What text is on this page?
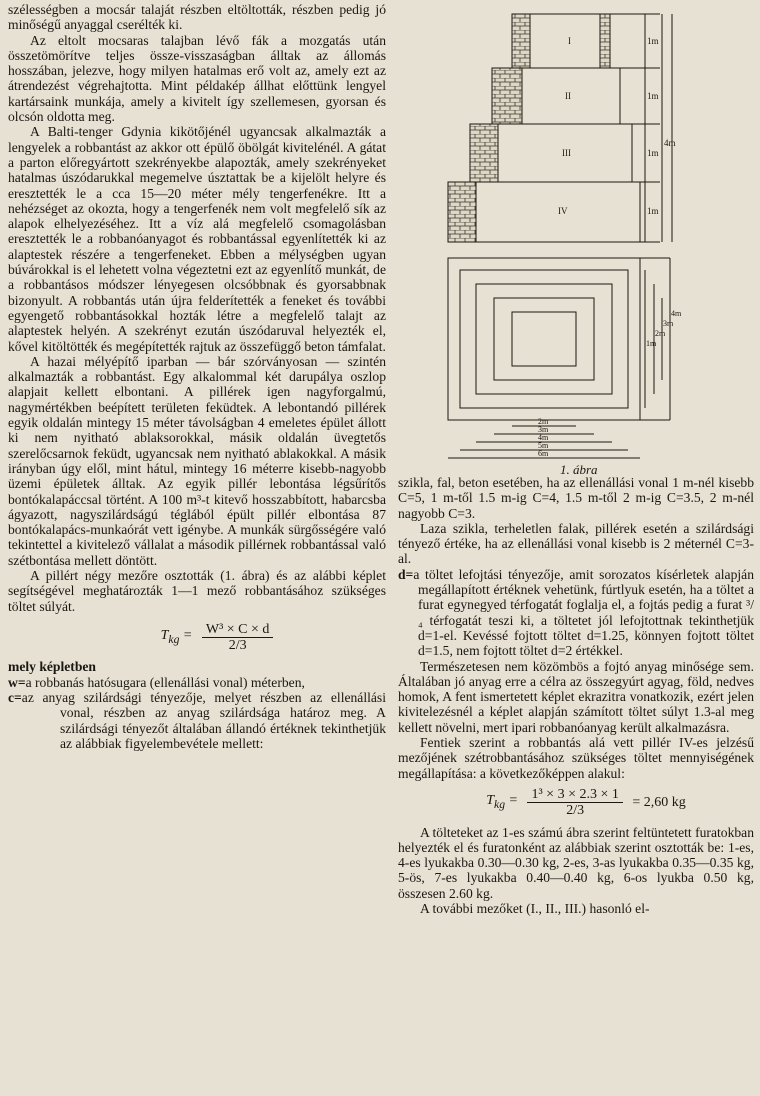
szélességben a mocsár talaját részben eltöltották, részben pedig jó minőségű anyaggal cserélték ki.

Az eltolt mocsaras talajban lévő fák a mozgatás után összetömörítve teljes össze-visszaságban álltak az állomás hosszában, jelezve, hogy milyen hatalmas erő volt az, amely ezt az átrendezést végrehajtotta. Mint példakép állhat előttünk lengyel kartársaink munkája, amely a kivitelt így szellemesen, gyorsan és olcsón oldotta meg.

A Balti-tenger Gdynia kikötőjénél ugyancsak alkalmazták a lengyelek a robbantást az akkor ott épülő öbölgát kivitelénél. A gátat a parton előregyártott szekrényekbe alapozták, amely szekrényeket hatalmas úszódarukkal megemelve úsztattak be a kijelölt helyre és eresztették le a cca 15—20 méter mély tengerfenékre. Itt a nehézséget az okozta, hogy a tengerfenék nem volt megfelelő sík az alapok elhelyezéséhez. Itt a víz alá megfelelő csomagolásban eresztették le a robbanóanyagot és robbantással egyenlítették ki az alaptestek részére a tengerfeneket. Ebben a mélységben ugyan búvárokkal is el lehetett volna végeztetni ezt az egyenlítő munkát, de a robbantásos módszer lényegesen olcsóbbnak és gyorsabbnak bizonyult. A robbantás után újra felderítették a feneket és további egyengető robbantásokkal hozták létre a megfelelő talajt az alaptestek helyén. A szekrényt ezután úszódaruval helyezték el, kővel kitöltötték és megépítették rajtuk az összefüggő beton támfalat.

A hazai mélyépítő iparban — bár szórványosan — szintén alkalmazták a robbantást. Egy alkalommal két darupálya oszlop alapjait kellett elbontani. A pillérek igen nagyforgalmú, nagymértékben beépített területen feküdtek. A lebontandó pillérek egyik oldalán mintegy 15 méter távolságban 4 emeletes épület állott ki nem nyitható ablaksorokkal, másik oldalán üvegtetős szerelőcsarnok feküdt, ugyancsak nem nyitható ablakokkal. A másik irányban úgy elől, mint hátul, mintegy 16 méterre kisebb-nagyobb üzemi épületek álltak. Az egyik pillér lebontása légsűrítős bontókalapáccsal történt. A 100 m³-t kitevő hosszabbított, habarcsba ágyazott, nagyszilárdságú téglából épült pillér elbontása 87 bontókalapács-munkaórát vett igénybe. A munkák sürgősségére való tekintettel a kivitelező vállalat a második pillérnek robbantással való szétbontása mellett döntött.

A pillért négy mezőre osztották (1. ábra) és az alábbi képlet segítségével meghatározták 1—1 mező robbantásához szükséges töltet súlyát.

$T_{kg} = \frac{\text{W³ × C × d}}{2/3}$

mely képletben

w=a robbanás hatósugara (ellenállási vonal) méterben,

c=az anyag szilárdsági tényezője, melyet részben az ellenállási vonal, részben az anyag szilárdsága határoz meg. A szilárdsági tényezőt általában állandó értéknek tekinthetjük az alábbiak figyelembevétele mellett:

I
II
III
IV
1m
1m
1m
1m
4m
1m
2m
3m
4m
2m
3m
4m
5m
6m
1. ábra

szikla, fal, beton esetében, ha az ellenállási vonal 1 m-nél kisebb C=5, 1 m-től 1.5 m-ig C=4, 1.5 m-től 2 m-ig C=3.5, 2 m-nél nagyobb C=3.

Laza szikla, terheletlen falak, pillérek esetén a szilárdsági tényező értéke, ha az ellenállási vonal kisebb is 2 méternél C=3-al.

d=a töltet lefojtási tényezője, amit sorozatos kísérletek alapján megállapított értéknek vehetünk, fúrtlyuk esetén, ha a töltet a furat egynegyed térfogatát foglalja el, a fojtás pedig a furat ³/₄ térfogatát teszi ki, a töltetet jól lefojtottnak tekinthetjük d=1-el. Kevéssé fojtott töltet d=1.25, könnyen fojtott töltet d=1.5, nem fojtott töltet d=2 értékkel.

Természetesen nem közömbös a fojtó anyag minősége sem. Általában jó anyag erre a célra az összegyúrt agyag, föld, nedves homok, A fent ismertetett képlet ekrazitra vonatkozik, ezért jelen kivitelezésnél a képlet alapján számított töltet súlyt 1.3-al meg kellett növelni, mert ipari robbanóanyag került alkalmazásra.

Fentiek szerint a robbantás alá vett pillér IV-es jelzésű mezőjének szétrobbantásához szükséges töltet mennyiségének megállapítása: a következőképpen alakul:

$T_{kg} = \frac{\text{1³ × 3 × 2.3 × 1}}{2/3} = 2,60$ kg

A tölteteket az 1-es számú ábra szerint feltüntetett furatokban helyezték el és furatonként az alábbiak szerint osztották be: 1-es, 4-es lyukakba 0.30—0.30 kg, 2-es, 3-as lyukakba 0.35—0.35 kg, 5-ös, 7-es lyukakba 0.40—0.40 kg, 6-os lyukba 0.50 kg, összesen 2.60 kg.

A további mezőket (I., II., III.) hasonló el-
